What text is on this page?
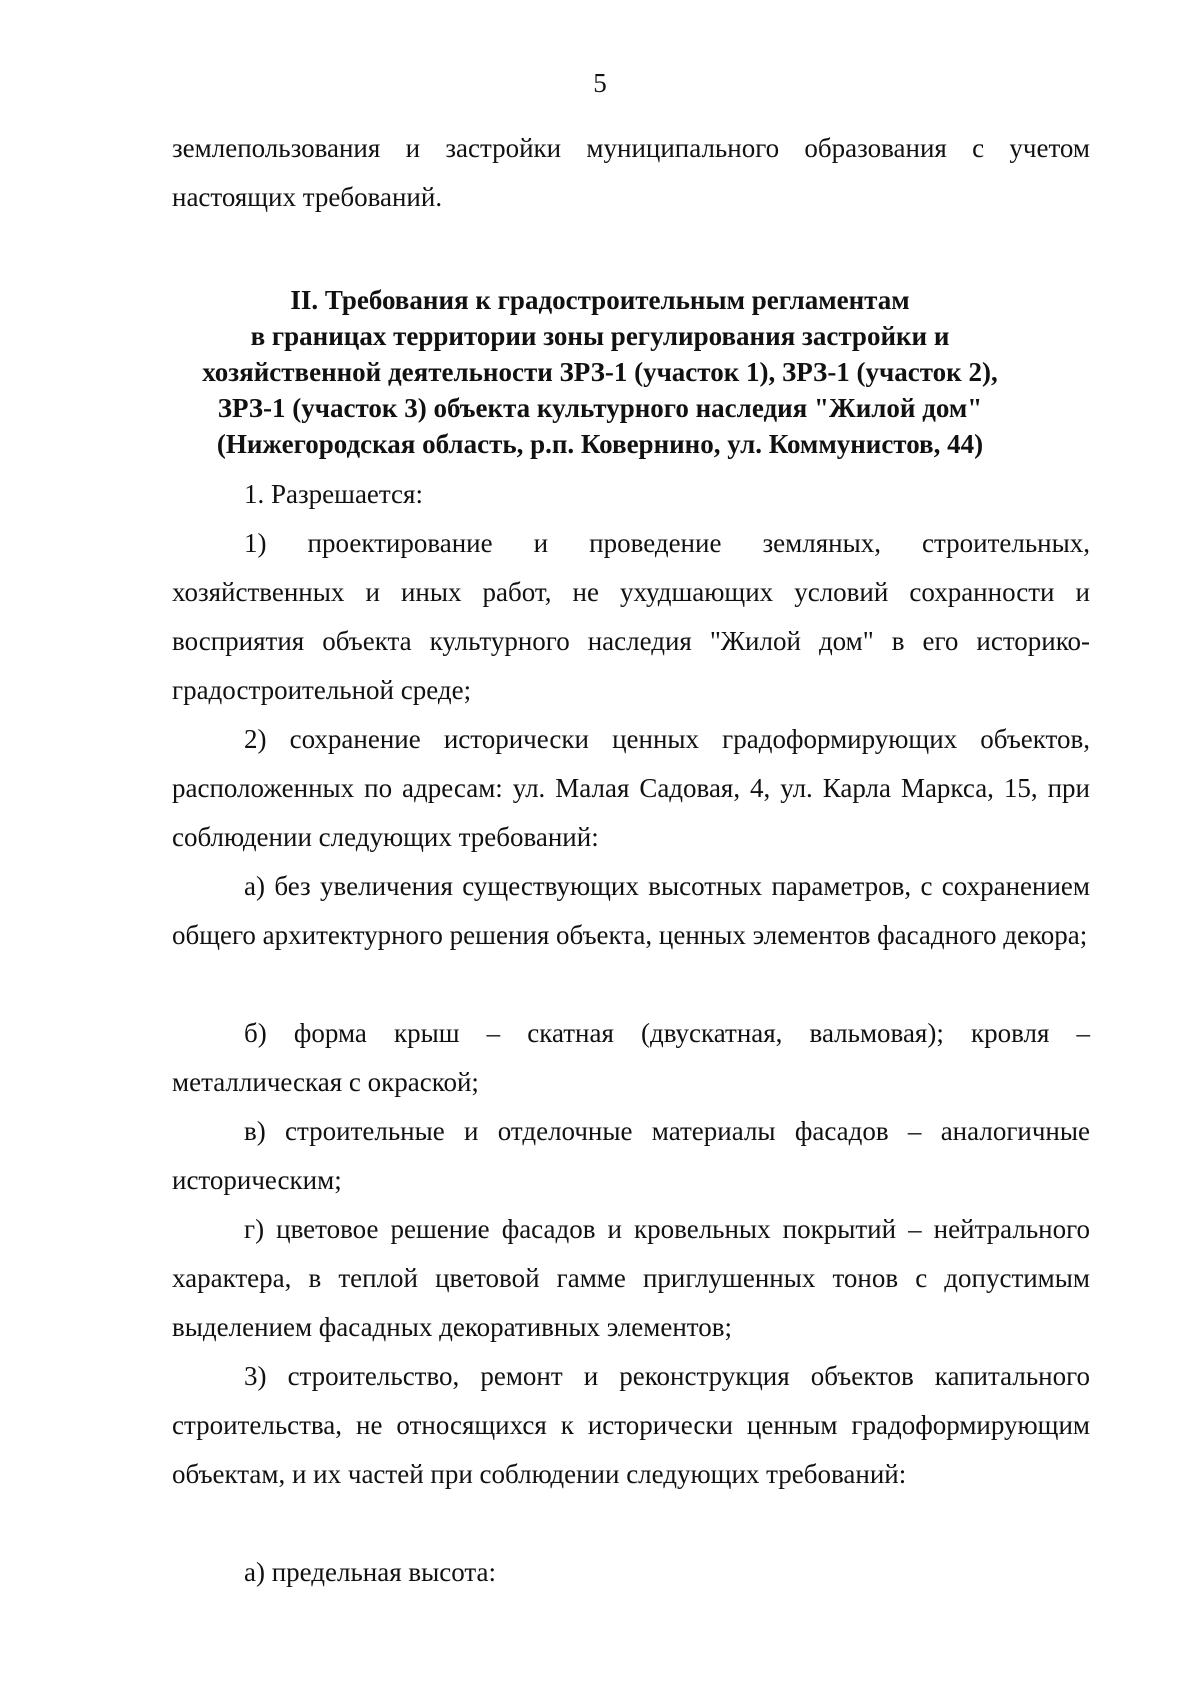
5

землепользования и застройки муниципального образования с учетом настоящих требований.

II. Требования к градостроительным регламентам
в границах территории зоны регулирования застройки и
хозяйственной деятельности ЗРЗ-1 (участок 1), ЗРЗ-1 (участок 2),
ЗРЗ-1 (участок 3) объекта культурного наследия "Жилой дом"
(Нижегородская область, р.п. Ковернино, ул. Коммунистов, 44)

1. Разрешается:

1) проектирование и проведение земляных, строительных, хозяйственных и иных работ, не ухудшающих условий сохранности и восприятия объекта культурного наследия "Жилой дом" в его историко-градостроительной среде;

2) сохранение исторически ценных градоформирующих объектов, расположенных по адресам: ул. Малая Садовая, 4, ул. Карла Маркса, 15, при соблюдении следующих требований:

а) без увеличения существующих высотных параметров, с сохранением общего архитектурного решения объекта, ценных элементов фасадного декора;

б) форма крыш – скатная (двускатная, вальмовая); кровля – металлическая с окраской;

в) строительные и отделочные материалы фасадов – аналогичные историческим;

г) цветовое решение фасадов и кровельных покрытий – нейтрального характера, в теплой цветовой гамме приглушенных тонов с допустимым выделением фасадных декоративных элементов;

3) строительство, ремонт и реконструкция объектов капитального строительства, не относящихся к исторически ценным градоформирующим объектам, и их частей при соблюдении следующих требований:

а) предельная высота:
